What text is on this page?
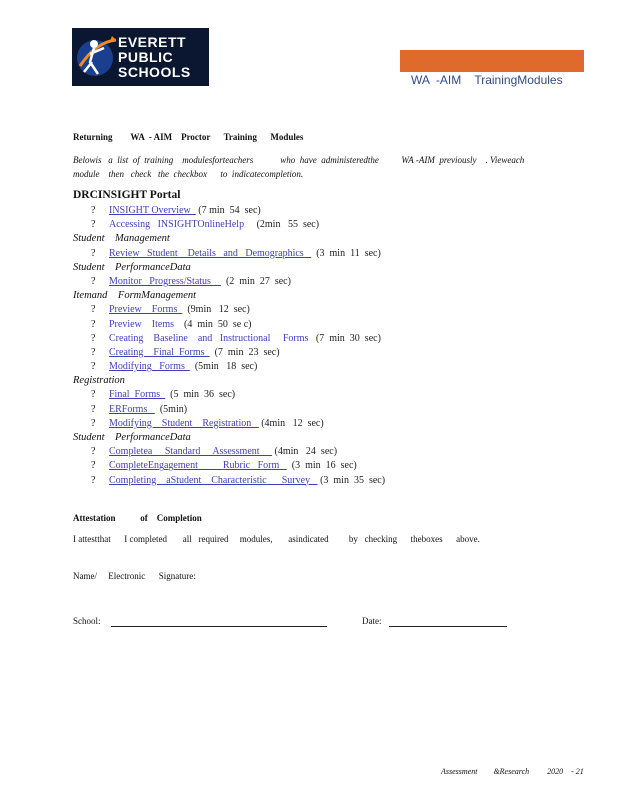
EVERETT
PUBLIC
SCHOOLS	WA  -AIM    TrainingModules
Returning        WA  - AIM    Proctor      Training      Modules
Belowis   a  list  of  training    modulesforteachers            who  have  administeredthe          WA -AIM  previously    . Vieweach
module    then   check   the  checkbox      to  indicatecompletion.
DRCINSIGHT Portal
? INSIGHT Overview   (7 min  54  sec)
? Accessing   INSIGHTOnlineHelp     (2min   55  sec)
Student    Management
? Review   Student    Details   and   Demographics     (3  min  11  sec)
Student    PerformanceData
? Monitor   Progress/Status      (2  min  27  sec)
Itemand    FormManagement
? Preview    Forms    (9min   12  sec)
? Preview    Items    (4  min  50  se c)
? Creating    Baseline    and   Instructional     Forms   (7  min  30  sec)
? Creating    Final  Forms    (7  min  23  sec)
? Modifying   Forms    (5min   18  sec)
Registration
? Final  Forms    (5  min  36  sec)
? ERForms     (5min)
? Modifying    Student    Registration    (4min   12  sec)
Student    PerformanceData
? Completea     Standard     Assessment      (4min   24  sec)
? CompleteEngagement          Rubric   Form     (3  min  16  sec)
? Completing    aStudent    Characteristic      Survey    (3  min  35  sec)
Attestation           of    Completion
I attestthat      I completed       all   required     modules,       asindicated         by   checking      theboxes      above.
Name/     Electronic      Signature:
School:	Date:
Assessment        &Research         2020    - 21
